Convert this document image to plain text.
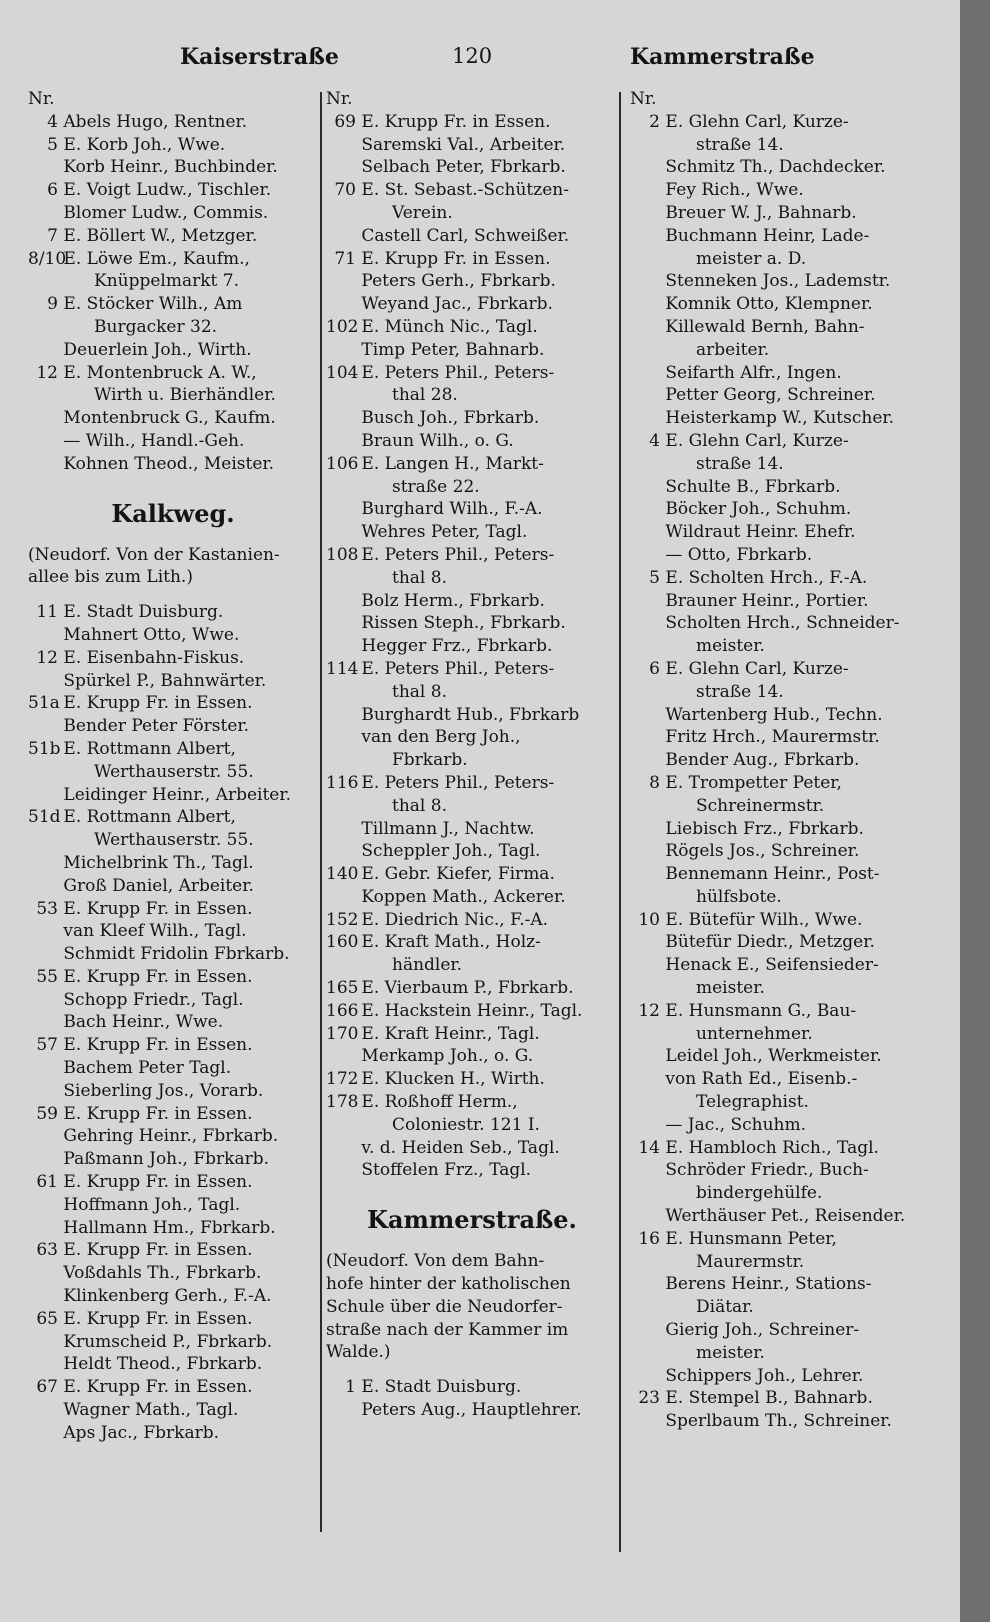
Kaiserstraße	120	Kammerstraße
Nr.
4 Abels Hugo, Rentner.
5 E. Korb Joh., Wwe.
Korb Heinr., Buchbinder.
6 E. Voigt Ludw., Tischler.
Blomer Ludw., Commis.
7 E. Böllert W., Metzger.
8/10 E. Löwe Em., Kaufm.,
Knüppelmarkt 7.
9 E. Stöcker Wilh., Am
Burgacker 32.
Deuerlein Joh., Wirth.
12 E. Montenbruck A. W.,
Wirth u. Bierhändler.
Montenbruck G., Kaufm.
— Wilh., Handl.-Geh.
Kohnen Theod., Meister.
Kalkweg.
(Neudorf. Von der Kastanien-
allee bis zum Lith.)
11 E. Stadt Duisburg.
Mahnert Otto, Wwe.
12 E. Eisenbahn-Fiskus.
Spürkel P., Bahnwärter.
51a E. Krupp Fr. in Essen.
Bender Peter Förster.
51b E. Rottmann Albert,
Werthauserstr. 55.
Leidinger Heinr., Arbeiter.
51d E. Rottmann Albert,
Werthauserstr. 55.
Michelbrink Th., Tagl.
Groß Daniel, Arbeiter.
53 E. Krupp Fr. in Essen.
van Kleef Wilh., Tagl.
Schmidt Fridolin Fbrkarb.
55 E. Krupp Fr. in Essen.
Schopp Friedr., Tagl.
Bach Heinr., Wwe.
57 E. Krupp Fr. in Essen.
Bachem Peter Tagl.
Sieberling Jos., Vorarb.
59 E. Krupp Fr. in Essen.
Gehring Heinr., Fbrkarb.
Paßmann Joh., Fbrkarb.
61 E. Krupp Fr. in Essen.
Hoffmann Joh., Tagl.
Hallmann Hm., Fbrkarb.
63 E. Krupp Fr. in Essen.
Voßdahls Th., Fbrkarb.
Klinkenberg Gerh., F.-A.
65 E. Krupp Fr. in Essen.
Krumscheid P., Fbrkarb.
Heldt Theod., Fbrkarb.
67 E. Krupp Fr. in Essen.
Wagner Math., Tagl.
Aps Jac., Fbrkarb.
Nr.
69 E. Krupp Fr. in Essen.
Saremski Val., Arbeiter.
Selbach Peter, Fbrkarb.
70 E. St. Sebast.-Schützen-
Verein.
Castell Carl, Schweißer.
71 E. Krupp Fr. in Essen.
Peters Gerh., Fbrkarb.
Weyand Jac., Fbrkarb.
102 E. Münch Nic., Tagl.
Timp Peter, Bahnarb.
104 E. Peters Phil., Peters-
thal 28.
Busch Joh., Fbrkarb.
Braun Wilh., o. G.
106 E. Langen H., Markt-
straße 22.
Burghard Wilh., F.-A.
Wehres Peter, Tagl.
108 E. Peters Phil., Peters-
thal 8.
Bolz Herm., Fbrkarb.
Rissen Steph., Fbrkarb.
Hegger Frz., Fbrkarb.
114 E. Peters Phil., Peters-
thal 8.
Burghardt Hub., Fbrkarb
van den Berg Joh.,
Fbrkarb.
116 E. Peters Phil., Peters-
thal 8.
Tillmann J., Nachtw.
Scheppler Joh., Tagl.
140 E. Gebr. Kiefer, Firma.
Koppen Math., Ackerer.
152 E. Diedrich Nic., F.-A.
160 E. Kraft Math., Holz-
händler.
165 E. Vierbaum P., Fbrkarb.
166 E. Hackstein Heinr., Tagl.
170 E. Kraft Heinr., Tagl.
Merkamp Joh., o. G.
172 E. Klucken H., Wirth.
178 E. Roßhoff Herm.,
Coloniestr. 121 I.
v. d. Heiden Seb., Tagl.
Stoffelen Frz., Tagl.
Kammerstraße.
(Neudorf. Von dem Bahn-
hofe hinter der katholischen
Schule über die Neudorfer-
straße nach der Kammer im
Walde.)
1 E. Stadt Duisburg.
Peters Aug., Hauptlehrer.
Nr.
2 E. Glehn Carl, Kurze-
straße 14.
Schmitz Th., Dachdecker.
Fey Rich., Wwe.
Breuer W. J., Bahnarb.
Buchmann Heinr, Lade-
meister a. D.
Stenneken Jos., Lademstr.
Komnik Otto, Klempner.
Killewald Bernh, Bahn-
arbeiter.
Seifarth Alfr., Ingen.
Petter Georg, Schreiner.
Heisterkamp W., Kutscher.
4 E. Glehn Carl, Kurze-
straße 14.
Schulte B., Fbrkarb.
Böcker Joh., Schuhm.
Wildraut Heinr. Ehefr.
— Otto, Fbrkarb.
5 E. Scholten Hrch., F.-A.
Brauner Heinr., Portier.
Scholten Hrch., Schneider-
meister.
6 E. Glehn Carl, Kurze-
straße 14.
Wartenberg Hub., Techn.
Fritz Hrch., Maurermstr.
Bender Aug., Fbrkarb.
8 E. Trompetter Peter,
Schreinermstr.
Liebisch Frz., Fbrkarb.
Rögels Jos., Schreiner.
Bennemann Heinr., Post-
hülfsbote.
10 E. Bütefür Wilh., Wwe.
Bütefür Diedr., Metzger.
Henack E., Seifensieder-
meister.
12 E. Hunsmann G., Bau-
unternehmer.
Leidel Joh., Werkmeister.
von Rath Ed., Eisenb.-
Telegraphist.
— Jac., Schuhm.
14 E. Hambloch Rich., Tagl.
Schröder Friedr., Buch-
bindergehülfe.
Werthäuser Pet., Reisender.
16 E. Hunsmann Peter,
Maurermstr.
Berens Heinr., Stations-
Diätar.
Gierig Joh., Schreiner-
meister.
Schippers Joh., Lehrer.
23 E. Stempel B., Bahnarb.
Sperlbaum Th., Schreiner.
